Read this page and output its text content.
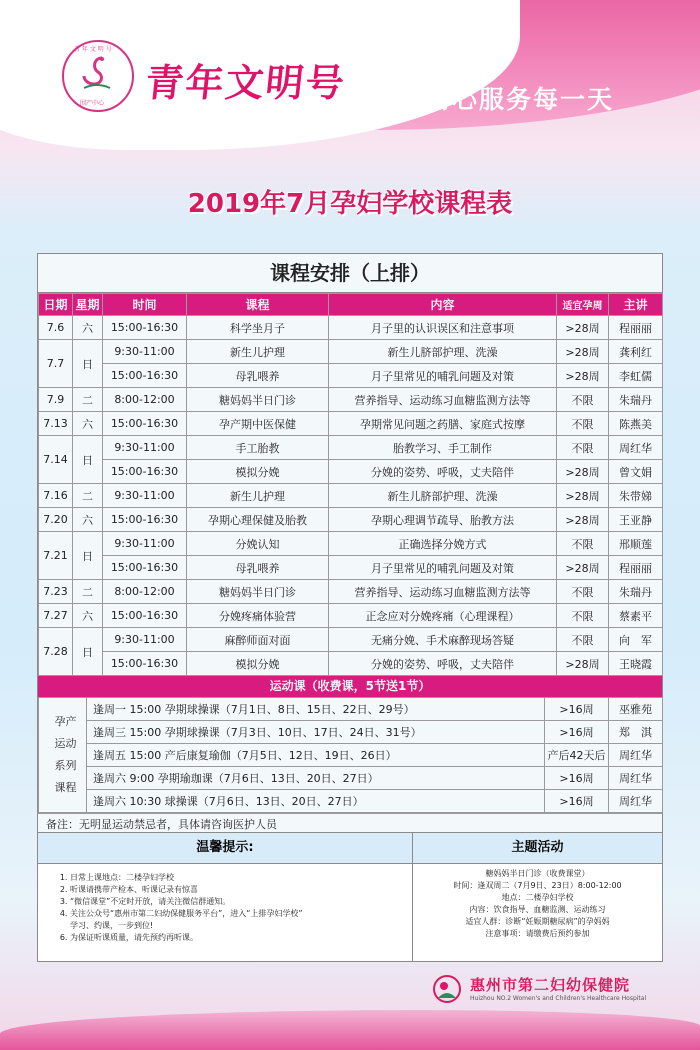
青 年 文 明 号
围产中心 青年文明号	用心服务每一天
2019年7月孕妇学校课程表
课程安排（上排）
日期	星期	时间	课程	内容	适宜孕周	主讲
7.6	六	15:00-16:30	科学坐月子	月子里的认识误区和注意事项	>28周	程丽丽
7.7	日	9:30-11:00	新生儿护理	新生儿脐部护理、洗澡	>28周	龚利红
		15:00-16:30	母乳喂养	月子里常见的哺乳问题及对策	>28周	李虹儒
7.9	二	8:00-12:00	糖妈妈半日门诊	营养指导、运动练习血糖监测方法等	不限	朱瑞丹
7.13	六	15:00-16:30	孕产期中医保健	孕期常见问题之药膳、家庭式按摩	不限	陈燕美
7.14	日	9:30-11:00	手工胎教	胎教学习、手工制作	不限	周红华
		15:00-16:30	模拟分娩	分娩的姿势、呼吸，丈夫陪伴	>28周	曾文娟
7.16	二	9:30-11:00	新生儿护理	新生儿脐部护理、洗澡	>28周	朱带娣
7.20	六	15:00-16:30	孕期心理保健及胎教	孕期心理调节疏导、胎教方法	>28周	王亚静
7.21	日	9:30-11:00	分娩认知	正确选择分娩方式	不限	邢顺莲
		15:00-16:30	母乳喂养	月子里常见的哺乳问题及对策	>28周	程丽丽
7.23	二	8:00-12:00	糖妈妈半日门诊	营养指导、运动练习血糖监测方法等	不限	朱瑞丹
7.27	六	15:00-16:30	分娩疼痛体验营	正念应对分娩疼痛（心理课程）	不限	蔡素平
7.28	日	9:30-11:00	麻醉师面对面	无痛分娩、手术麻醉现场答疑	不限	向　军
		15:00-16:30	模拟分娩	分娩的姿势、呼吸，丈夫陪伴	>28周	王晓霞
运动课（收费课，5节送1节）
孕产
运动
系列
课程	逢周一 15:00 孕期球操课（7月1日、8日、15日、22日、29号）	>16周	巫雅苑
	逢周三 15:00 孕期球操课（7月3日、10日、17日、24日、31号）	>16周	郑　淇
	逢周五 15:00 产后康复瑜伽（7月5日、12日、19日、26日）	产后42天后	周红华
	逢周六 9:00 孕期瑜珈课（7月6日、13日、20日、27日）	>16周	周红华
	逢周六 10:30 球操课（7月6日、13日、20日、27日）	>16周	周红华
备注：无明显运动禁忌者，具体请咨询医护人员
温馨提示:
1. 日常上课地点：二楼孕妇学校
2. 听课请携带产检本、听课记录有惊喜
3. “微信课堂”不定时开放，请关注微信群通知。
4. 关注公众号“惠州市第二妇幼保健服务平台”，进入“上排孕妇学校”
学习、约课，一步到位!
6. 为保证听课质量，请先预约再听课。
主题活动
糖妈妈半日门诊（收费课堂）
时间：逢双周二（7月9日、23日）8:00-12:00
地点：二楼孕妇学校
内容：饮食指导、血糖监测、运动练习
适宜人群：诊断“妊娠期糖尿病”的孕妈妈
注意事项：请缴费后预约参加
惠州市第二妇幼保健院
Huizhou NO.2 Women's and Children's Healthcare Hospital
